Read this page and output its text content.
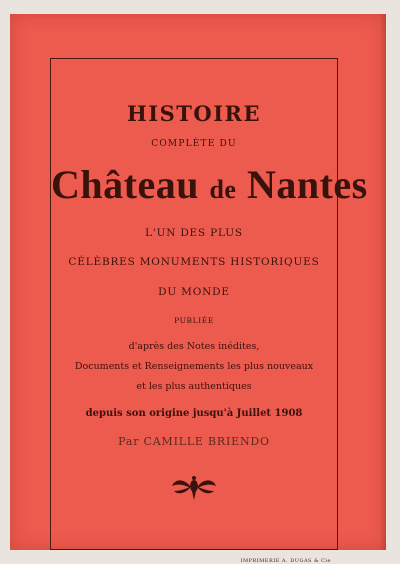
HISTOIRE
COMPLÈTE DU
Château de Nantes
L'UN DES PLUS
CÉLÈBRES MONUMENTS HISTORIQUES
DU MONDE
PUBLIÉE
d'après des Notes inédites,
Documents et Renseignements les plus nouveaux
et les plus authentiques
depuis son origine jusqu'à Juillet 1908
Par CAMILLE BRIENDO
IMPRIMERIE A. DUGAS & Cie
